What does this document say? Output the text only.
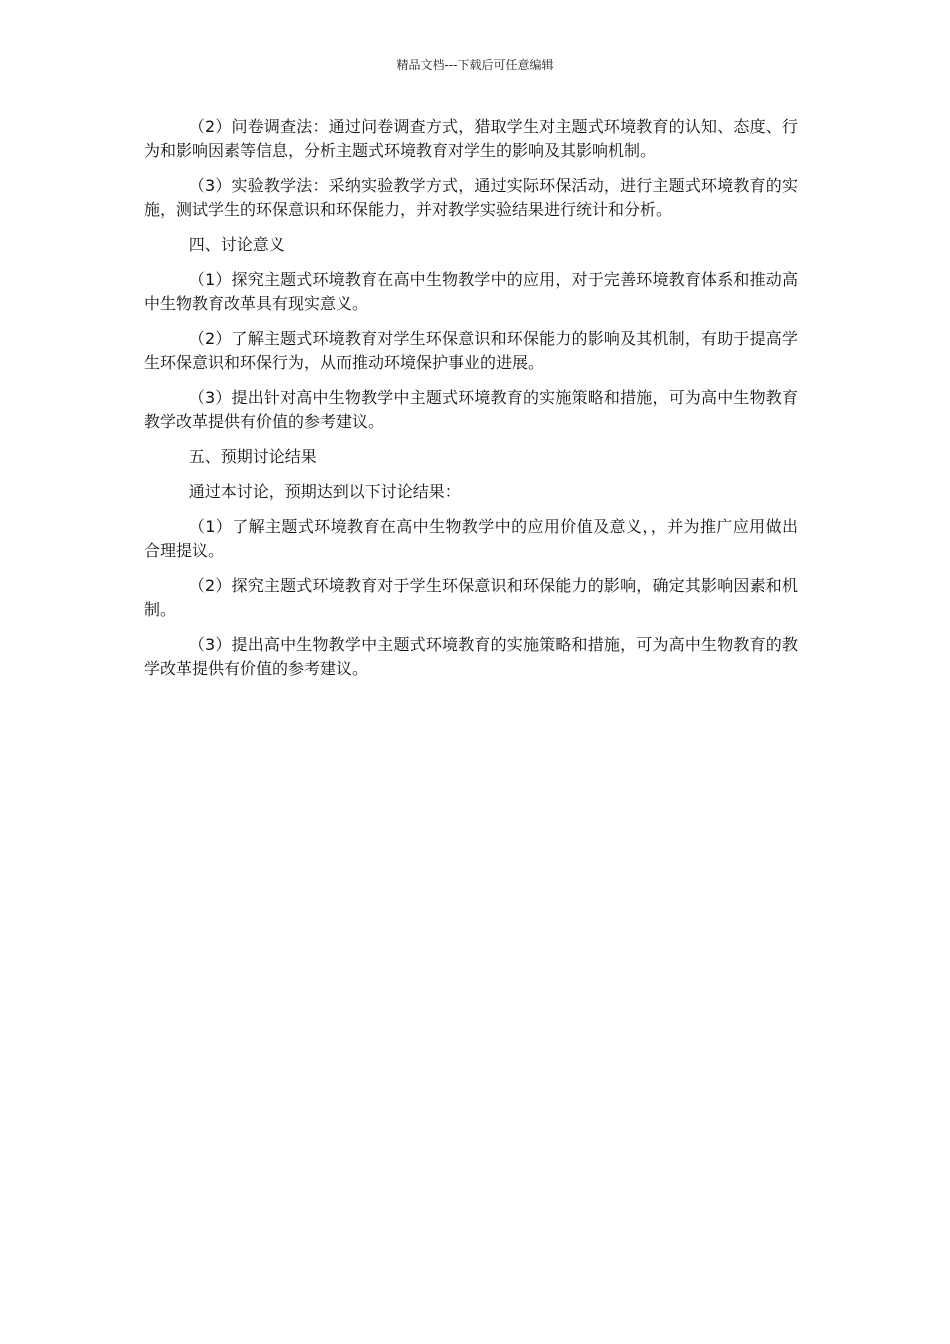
精品文档---下载后可任意编辑

（2）问卷调查法：通过问卷调查方式，猎取学生对主题式环境教育的认知、态度、行为和影响因素等信息，分析主题式环境教育对学生的影响及其影响机制。

（3）实验教学法：采纳实验教学方式，通过实际环保活动，进行主题式环境教育的实施，测试学生的环保意识和环保能力，并对教学实验结果进行统计和分析。

四、讨论意义

（1）探究主题式环境教育在高中生物教学中的应用，对于完善环境教育体系和推动高中生物教育改革具有现实意义。

（2）了解主题式环境教育对学生环保意识和环保能力的影响及其机制，有助于提高学生环保意识和环保行为，从而推动环境保护事业的进展。

（3）提出针对高中生物教学中主题式环境教育的实施策略和措施，可为高中生物教育教学改革提供有价值的参考建议。

五、预期讨论结果

通过本讨论，预期达到以下讨论结果：

（1）了解主题式环境教育在高中生物教学中的应用价值及意义，，并为推广应用做出合理提议。

（2）探究主题式环境教育对于学生环保意识和环保能力的影响，确定其影响因素和机制。

（3）提出高中生物教学中主题式环境教育的实施策略和措施，可为高中生物教育的教学改革提供有价值的参考建议。
